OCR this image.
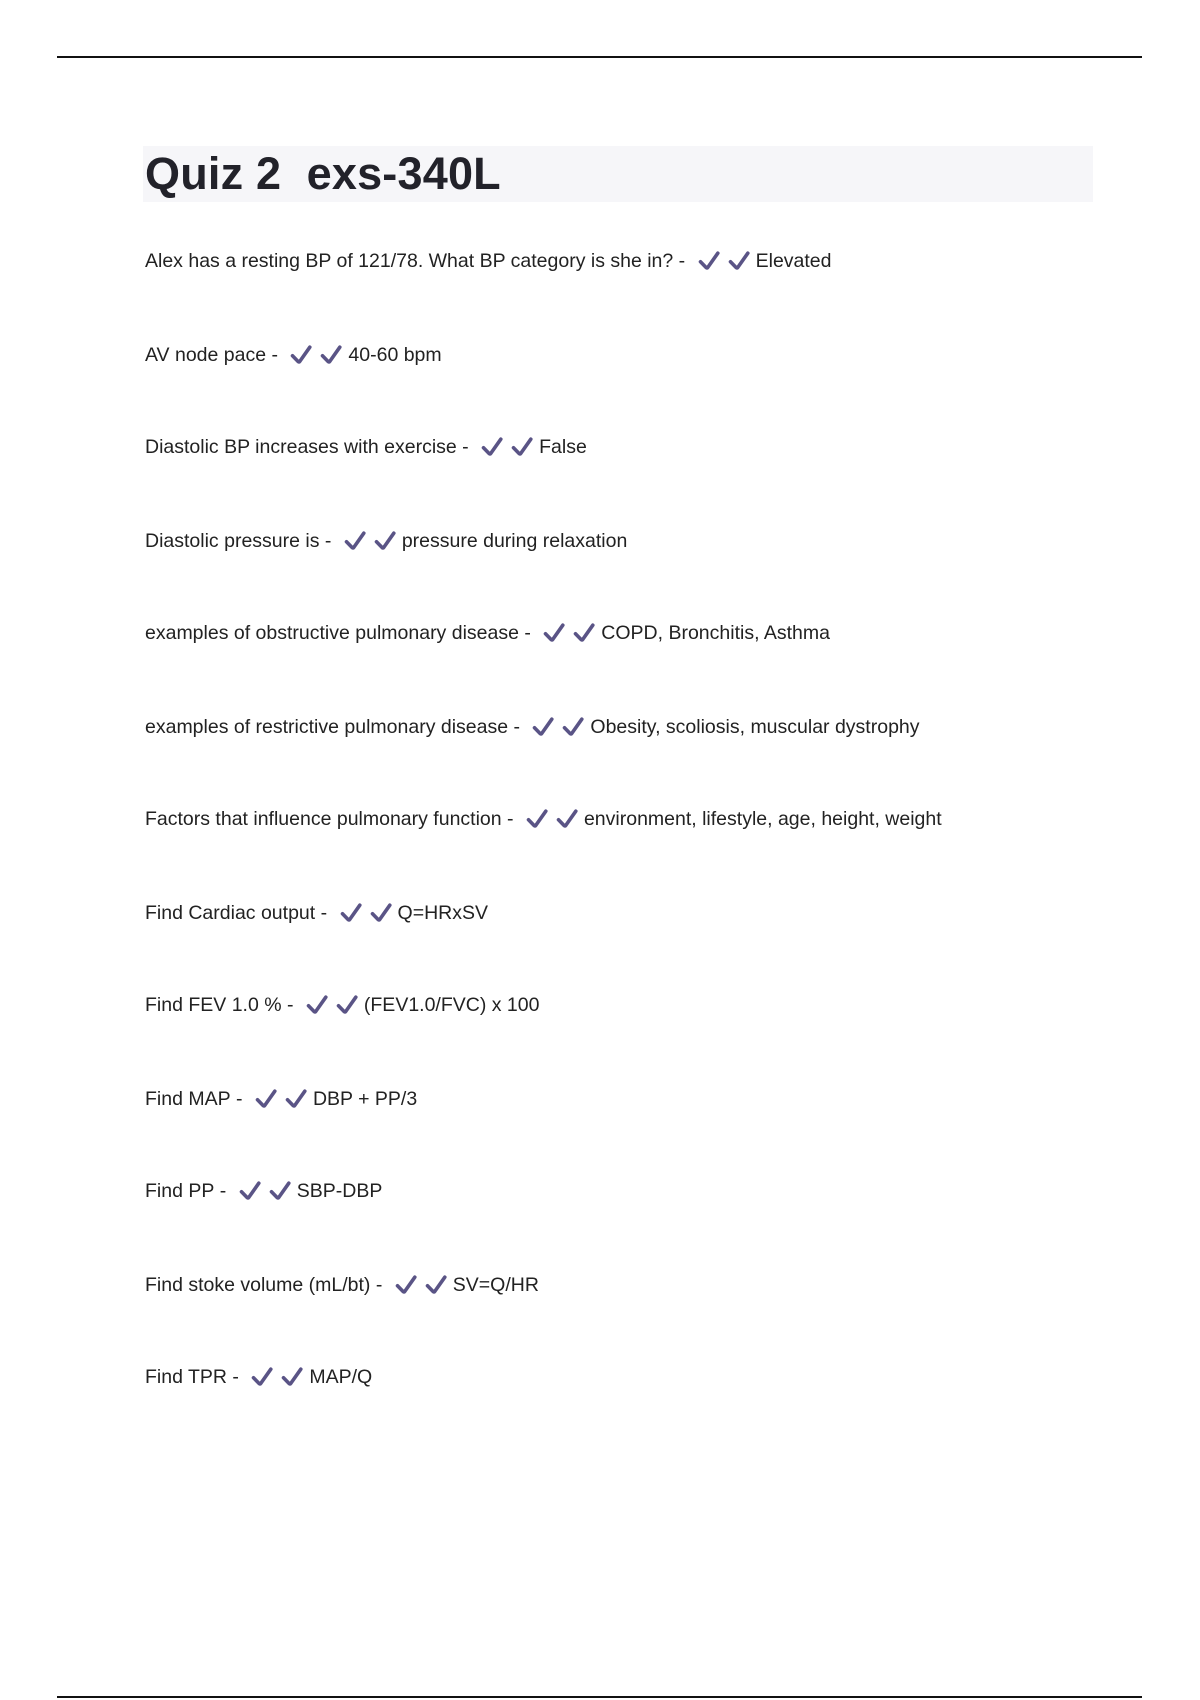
Quiz 2  exs-340L
Alex has a resting BP of 121/78. What BP category is she in? -	Elevated
AV node pace -	40-60 bpm
Diastolic BP increases with exercise -	False
Diastolic pressure is -	pressure during relaxation
examples of obstructive pulmonary disease -	COPD, Bronchitis, Asthma
examples of restrictive pulmonary disease -	Obesity, scoliosis, muscular dystrophy
Factors that influence pulmonary function -	environment, lifestyle, age, height, weight
Find Cardiac output -	Q=HRxSV
Find FEV 1.0 % -	(FEV1.0/FVC) x 100
Find MAP -	DBP + PP/3
Find PP -	SBP-DBP
Find stoke volume (mL/bt) -	SV=Q/HR
Find TPR -	MAP/Q
